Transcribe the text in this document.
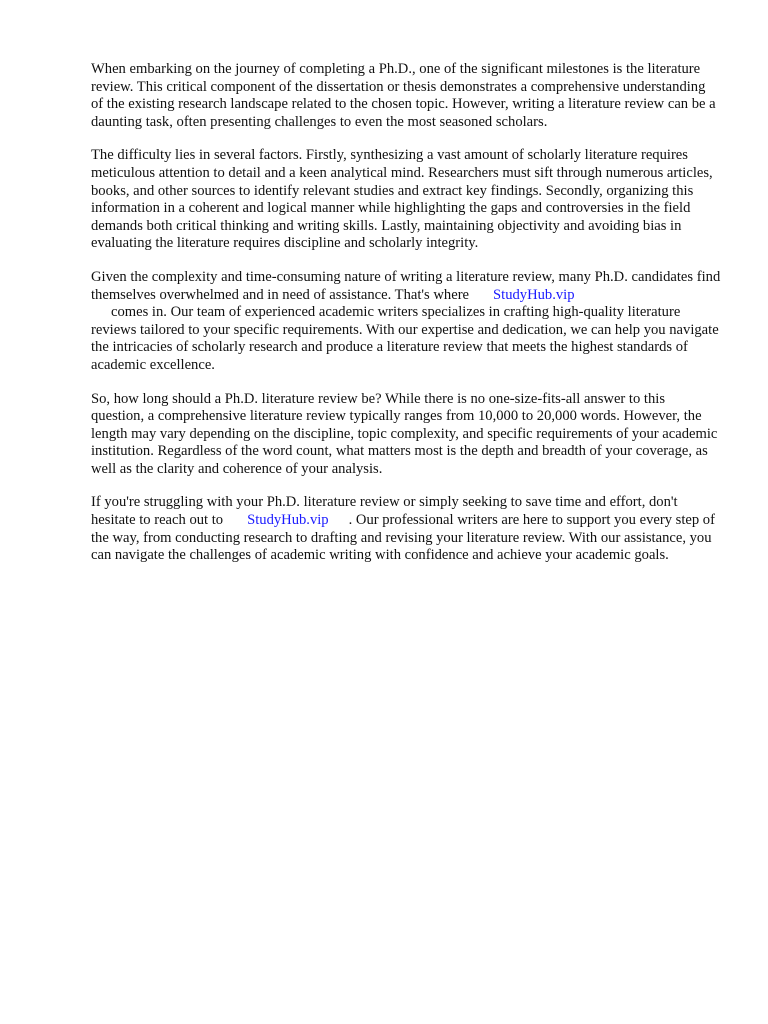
When embarking on the journey of completing a Ph.D., one of the significant milestones is the literature review. This critical component of the dissertation or thesis demonstrates a comprehensive understanding of the existing research landscape related to the chosen topic. However, writing a literature review can be a daunting task, often presenting challenges to even the most seasoned scholars.

The difficulty lies in several factors. Firstly, synthesizing a vast amount of scholarly literature requires meticulous attention to detail and a keen analytical mind. Researchers must sift through numerous articles, books, and other sources to identify relevant studies and extract key findings. Secondly, organizing this information in a coherent and logical manner while highlighting the gaps and controversies in the field demands both critical thinking and writing skills. Lastly, maintaining objectivity and avoiding bias in evaluating the literature requires discipline and scholarly integrity.

Given the complexity and time-consuming nature of writing a literature review, many Ph.D. candidates find themselves overwhelmed and in need of assistance. That's where StudyHub.vip
comes in. Our team of experienced academic writers specializes in crafting high-quality literature reviews tailored to your specific requirements. With our expertise and dedication, we can help you navigate the intricacies of scholarly research and produce a literature review that meets the highest standards of academic excellence.

So, how long should a Ph.D. literature review be? While there is no one-size-fits-all answer to this question, a comprehensive literature review typically ranges from 10,000 to 20,000 words. However, the length may vary depending on the discipline, topic complexity, and specific requirements of your academic institution. Regardless of the word count, what matters most is the depth and breadth of your coverage, as well as the clarity and coherence of your analysis.

If you're struggling with your Ph.D. literature review or simply seeking to save time and effort, don't hesitate to reach out to StudyHub.vip . Our professional writers are here to support you every step of the way, from conducting research to drafting and revising your literature review. With our assistance, you can navigate the challenges of academic writing with confidence and achieve your academic goals.
